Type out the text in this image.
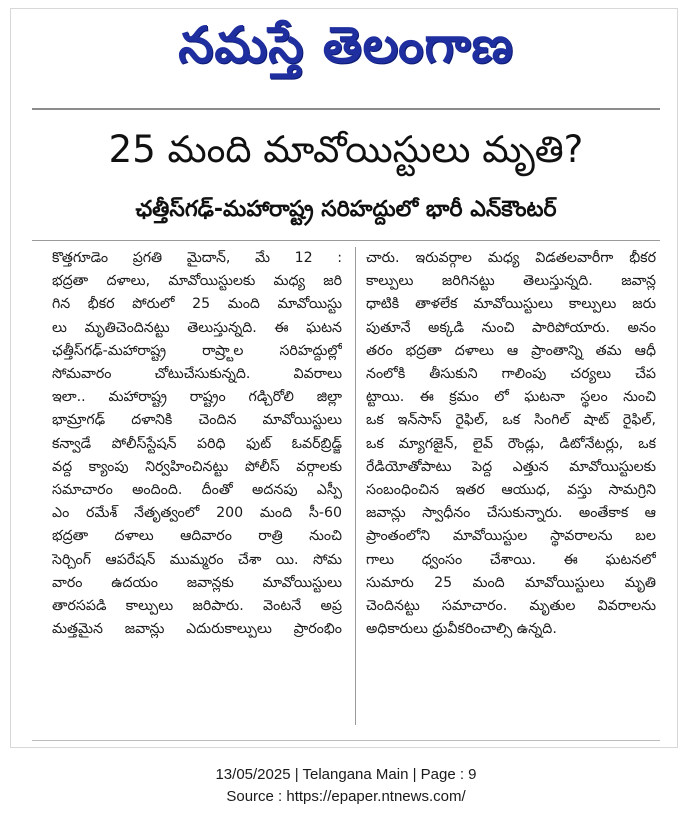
నమస్తే తెలంగాణ
25 మంది మావోయిస్టులు మృతి?
ఛత్తీస్‌గఢ్‌-మహారాష్ట్ర సరిహద్దులో భారీ ఎన్‌కౌంటర్‌
కొత్తగూడెం ప్రగతి మైదాన్‌, మే 12 :
భద్రతా దళాలు, మావోయిస్టులకు మధ్య జరి
గిన భీకర పోరులో 25 మంది మావోయిస్టు
లు మృతిచెందినట్టు తెలుస్తున్నది. ఈ ఘటన
ఛత్తీస్‌గఢ్‌-మహారాష్ట్ర రాష్ర్టాల సరిహద్దుల్లో
సోమవారం చోటుచేసుకున్నది. వివరాలు
ఇలా.. మహారాష్ట్ర రాష్ట్రం గడ్చిరోలి జిల్లా
భామ్రాగఢ్‌ దళానికి చెందిన మావోయిస్టులు
కన్వాడే పోలీస్‌స్టేషన్‌ పరిధి ఫుట్‌ ఓవర్‌బ్రిడ్జ్‌
వద్ద క్యాంపు నిర్వహించినట్టు పోలీస్‌ వర్గాలకు
సమాచారం అందింది. దీంతో అదనపు ఎస్పీ
ఎం రమేశ్‌ నేతృత్వంలో 200 మంది సీ-60
భద్రతా దళాలు ఆదివారం రాత్రి నుంచి
సెర్చింగ్‌ ఆపరేషన్‌ ముమ్మరం చేశా యి. సోమ
వారం ఉదయం జవాన్లకు మావోయిస్టులు
తారసపడి కాల్పులు జరిపారు. వెంటనే అప్ర
మత్తమైన జవాన్లు ఎదురుకాల్పులు ప్రారంభిం
చారు. ఇరువర్గాల మధ్య విడతలవారీగా భీకర
కాల్పులు జరిగినట్టు తెలుస్తున్నది. జవాన్ల
ధాటికి తాళలేక మావోయిస్టులు కాల్పులు జరు
పుతూనే అక్కడి నుంచి పారిపోయారు. అనం
తరం భద్రతా దళాలు ఆ ప్రాంతాన్ని తమ ఆధీ
నంలోకి తీసుకుని గాలింపు చర్యలు చేప
ట్టాయి. ఈ క్రమం లో ఘటనా స్థలం నుంచి
ఒక ఇన్‌సాస్‌ రైఫిల్‌, ఒక సింగిల్‌ షాట్‌ రైఫిల్‌,
ఒక మ్యాగజైన్‌, లైవ్‌ రౌండ్లు, డిటోనేటర్లు, ఒక
రేడియోతోపాటు పెద్ద ఎత్తున మావోయిస్టులకు
సంబంధించిన ఇతర ఆయుధ, వస్తు సామగ్రిని
జవాన్లు స్వాధీనం చేసుకున్నారు. అంతేకాక ఆ
ప్రాంతంలోని మావోయిస్టుల స్థావరాలను బల
గాలు ధ్వంసం చేశాయి. ఈ ఘటనలో
సుమారు 25 మంది మావోయిస్టులు మృతి
చెందినట్టు సమాచారం. మృతుల వివరాలను
అధికారులు ధ్రువీకరించాల్సి ఉన్నది.
13/05/2025 | Telangana Main | Page : 9
Source : https://epaper.ntnews.com/
